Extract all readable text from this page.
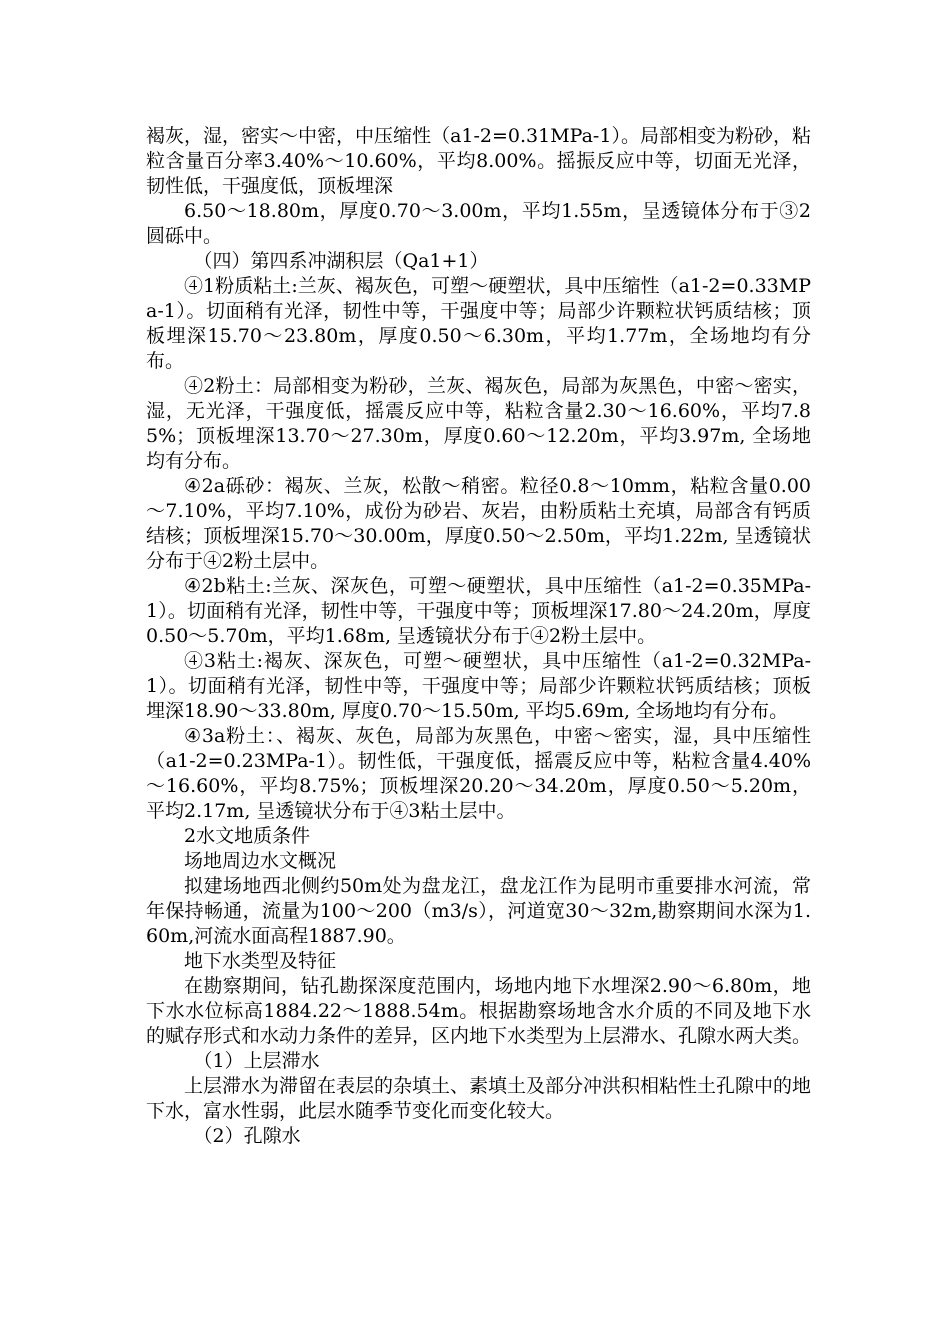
褐灰，湿，密实～中密，中压缩性（a1-2=0.31MPa-1）。局部相变为粉砂，粘粒含量百分率3.40%～10.60%，平均8.00%。摇振反应中等，切面无光泽，韧性低，干强度低，顶板埋深

6.50～18.80m，厚度0.70～3.00m，平均1.55m，呈透镜体分布于③2圆砾中。

（四）第四系冲湖积层（Qa1+1）

④1粉质粘土:兰灰、褐灰色，可塑～硬塑状，具中压缩性（a1-2=0.33MPa-1）。切面稍有光泽，韧性中等，干强度中等；局部少许颗粒状钙质结核；顶板埋深15.70～23.80m，厚度0.50～6.30m，平均1.77m，全场地均有分布。

④2粉土：局部相变为粉砂，兰灰、褐灰色，局部为灰黑色，中密～密实，湿，无光泽，干强度低，摇震反应中等，粘粒含量2.30～16.60%，平均7.85%；顶板埋深13.70～27.30m，厚度0.60～12.20m，平均3.97m, 全场地均有分布。

④2a砾砂：褐灰、兰灰，松散～稍密。粒径0.8～10mm，粘粒含量0.00～7.10%，平均7.10%，成份为砂岩、灰岩，由粉质粘土充填，局部含有钙质结核；顶板埋深15.70～30.00m，厚度0.50～2.50m，平均1.22m, 呈透镜状分布于④2粉土层中。

④2b粘土:兰灰、深灰色，可塑～硬塑状，具中压缩性（a1-2=0.35MPa-1）。切面稍有光泽，韧性中等，干强度中等；顶板埋深17.80～24.20m，厚度0.50～5.70m，平均1.68m, 呈透镜状分布于④2粉土层中。

④3粘土:褐灰、深灰色，可塑～硬塑状，具中压缩性（a1-2=0.32MPa-1）。切面稍有光泽，韧性中等，干强度中等；局部少许颗粒状钙质结核；顶板埋深18.90～33.80m, 厚度0.70～15.50m, 平均5.69m, 全场地均有分布。

④3a粉土：、褐灰、灰色，局部为灰黑色，中密～密实，湿，具中压缩性（a1-2=0.23MPa-1）。韧性低，干强度低，摇震反应中等，粘粒含量4.40%～16.60%，平均8.75%；顶板埋深20.20～34.20m，厚度0.50～5.20m，平均2.17m, 呈透镜状分布于④3粘土层中。

2水文地质条件

场地周边水文概况

拟建场地西北侧约50m处为盘龙江，盘龙江作为昆明市重要排水河流，常年保持畅通，流量为100～200（m3/s），河道宽30～32m,勘察期间水深为1.60m,河流水面高程1887.90。

地下水类型及特征

在勘察期间，钻孔勘探深度范围内，场地内地下水埋深2.90～6.80m，地下水水位标高1884.22～1888.54m。根据勘察场地含水介质的不同及地下水的赋存形式和水动力条件的差异，区内地下水类型为上层滞水、孔隙水两大类。

（1）上层滞水

上层滞水为滞留在表层的杂填土、素填土及部分冲洪积相粘性土孔隙中的地下水，富水性弱，此层水随季节变化而变化较大。

（2）孔隙水
